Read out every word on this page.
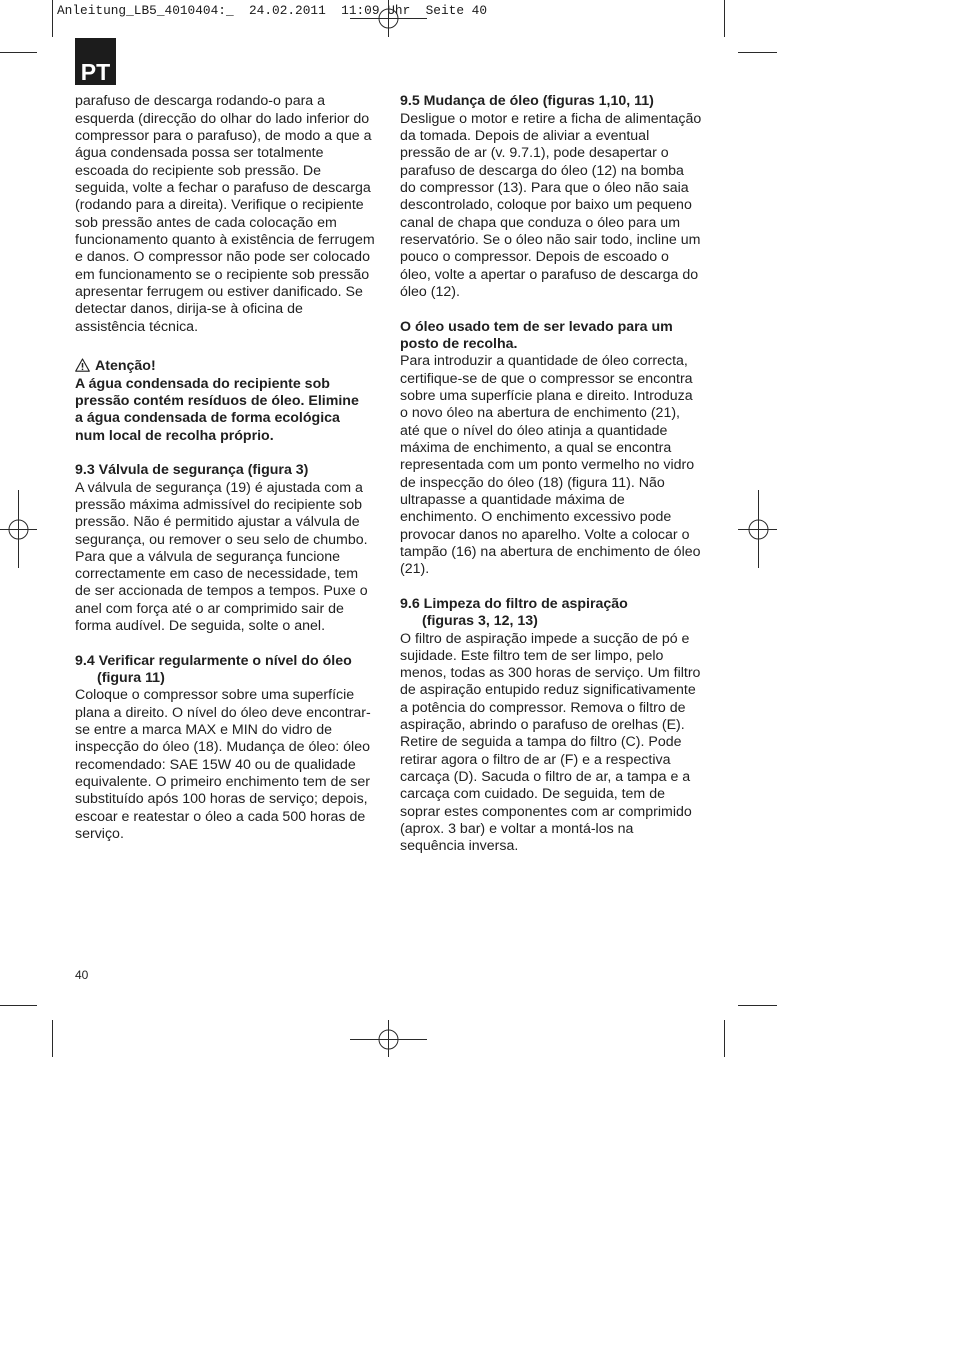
Anleitung_LB5_4010404:_  24.02.2011  11:09 Uhr  Seite 40
PT
parafuso de descarga rodando-o para a
esquerda (direcção do olhar do lado inferior do
compressor para o parafuso), de modo a que a
água condensada possa ser totalmente
escoada do recipiente sob pressão. De
seguida, volte a fechar o parafuso de descarga
(rodando para a direita). Verifique o recipiente
sob pressão antes de cada colocação em
funcionamento quanto à existência de ferrugem
e danos. O compressor não pode ser colocado
em funcionamento se o recipiente sob pressão
apresentar ferrugem ou estiver danificado. Se
detectar danos, dirija-se à oficina de
assistência técnica.
Atenção!
A água condensada do recipiente sob
pressão contém resíduos de óleo. Elimine
a água condensada de forma ecológica
num local de recolha próprio.
9.3 Válvula de segurança (figura 3)
A válvula de segurança (19) é ajustada com a
pressão máxima admissível do recipiente sob
pressão. Não é permitido ajustar a válvula de
segurança, ou remover o seu selo de chumbo.
Para que a válvula de segurança funcione
correctamente em caso de necessidade, tem
de ser accionada de tempos a tempos. Puxe o
anel com força até o ar comprimido sair de
forma audível. De seguida, solte o anel.
9.4 Verificar regularmente o nível do óleo
(figura 11)
Coloque o compressor sobre uma superfície
plana a direito. O nível do óleo deve encontrar-
se entre a marca MAX e MIN do vidro de
inspecção do óleo (18). Mudança de óleo: óleo
recomendado: SAE 15W 40 ou de qualidade
equivalente. O primeiro enchimento tem de ser
substituído após 100 horas de serviço; depois,
escoar e reatestar o óleo a cada 500 horas de
serviço.
9.5 Mudança de óleo (figuras 1,10, 11)
Desligue o motor e retire a ficha de alimentação
da tomada. Depois de aliviar a eventual
pressão de ar (v. 9.7.1), pode desapertar o
parafuso de descarga do óleo (12) na bomba
do compressor (13). Para que o óleo não saia
descontrolado, coloque por baixo um pequeno
canal de chapa que conduza o óleo para um
reservatório. Se o óleo não sair todo, incline um
pouco o compressor. Depois de escoado o
óleo, volte a apertar o parafuso de descarga do
óleo (12).
O óleo usado tem de ser levado para um
posto de recolha.
Para introduzir a quantidade de óleo correcta,
certifique-se de que o compressor se encontra
sobre uma superfície plana e direito. Introduza
o novo óleo na abertura de enchimento (21),
até que o nível do óleo atinja a quantidade
máxima de enchimento, a qual se encontra
representada com um ponto vermelho no vidro
de inspecção do óleo (18) (figura 11). Não
ultrapasse a quantidade máxima de
enchimento. O enchimento excessivo pode
provocar danos no aparelho. Volte a colocar o
tampão (16) na abertura de enchimento de óleo
(21).
9.6 Limpeza do filtro de aspiração
(figuras 3, 12, 13)
O filtro de aspiração impede a sucção de pó e
sujidade. Este filtro tem de ser limpo, pelo
menos, todas as 300 horas de serviço. Um filtro
de aspiração entupido reduz significativamente
a potência do compressor. Remova o filtro de
aspiração, abrindo o parafuso de orelhas (E).
Retire de seguida a tampa do filtro (C). Pode
retirar agora o filtro de ar (F) e a respectiva
carcaça (D). Sacuda o filtro de ar, a tampa e a
carcaça com cuidado. De seguida, tem de
soprar estes componentes com ar comprimido
(aprox. 3 bar) e voltar a montá-los na
sequência inversa.
40
